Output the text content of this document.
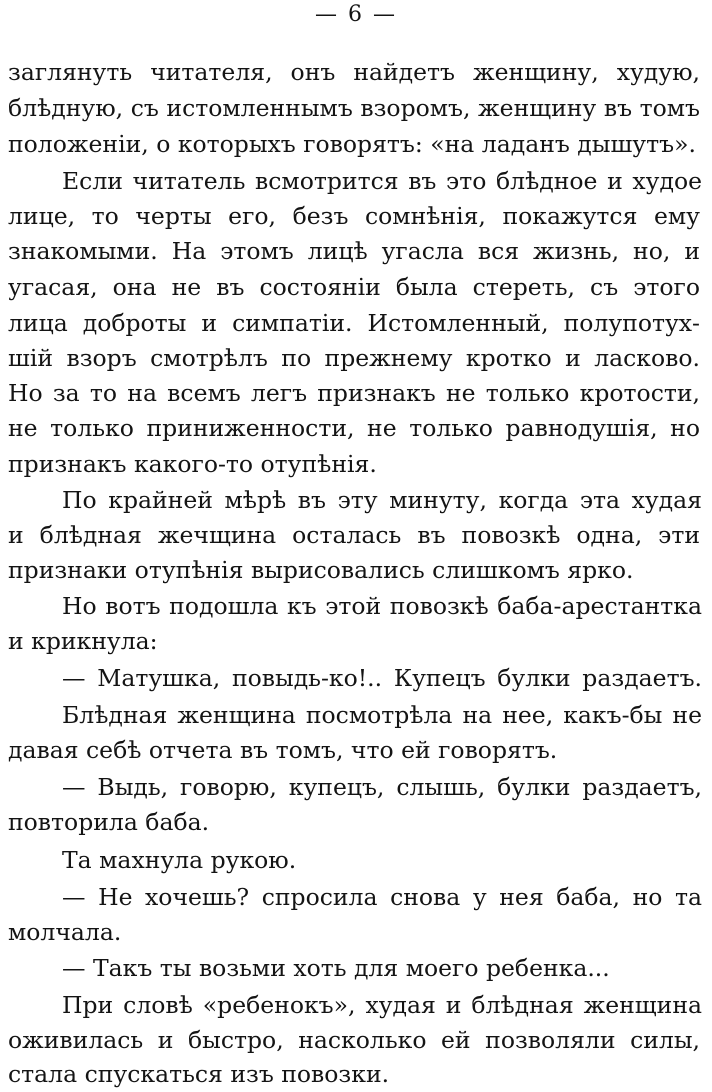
— 6 —
заглянуть читателя, онъ найдетъ женщину, худую,
блѣдную, съ истомленнымъ взоромъ, женщину въ томъ
положенiи, о которыхъ говорятъ: «на ладанъ дышутъ».
Если читатель всмотрится въ это блѣдное и худое
лице, то черты его, безъ сомнѣнiя, покажутся ему
знакомыми. На этомъ лицѣ угасла вся жизнь, но, и
угасая, она не въ состоянiи была стереть, съ этого
лица доброты и симпатiи. Истомленный, полупотух-
шiй взоръ смотрѣлъ по прежнему кротко и ласково.
Но за то на всемъ легъ признакъ не только кротости,
не только приниженности, не только равнодушiя, но
признакъ какого-то отупѣнiя.
По крайней мѣрѣ въ эту минуту, когда эта худая
и блѣдная жечщина осталась въ повозкѣ одна, эти
признаки отупѣнiя вырисовались слишкомъ ярко.
Но вотъ подошла къ этой повозкѣ баба-арестантка
и крикнула:
— Матушка, повыдь-ко!.. Купецъ булки раздаетъ.
Блѣдная женщина посмотрѣла на нее, какъ-бы не
давая себѣ отчета въ томъ, что ей говорятъ.
— Выдь, говорю, купецъ, слышь, булки раздаетъ,
повторила баба.
Та махнула рукою.
— Не хочешь? спросила снова у нея баба, но та
молчала.
— Такъ ты возьми хоть для моего ребенка...
При словѣ «ребенокъ», худая и блѣдная женщина
оживилась и быстро, насколько ей позволяли силы,
стала спускаться изъ повозки.
